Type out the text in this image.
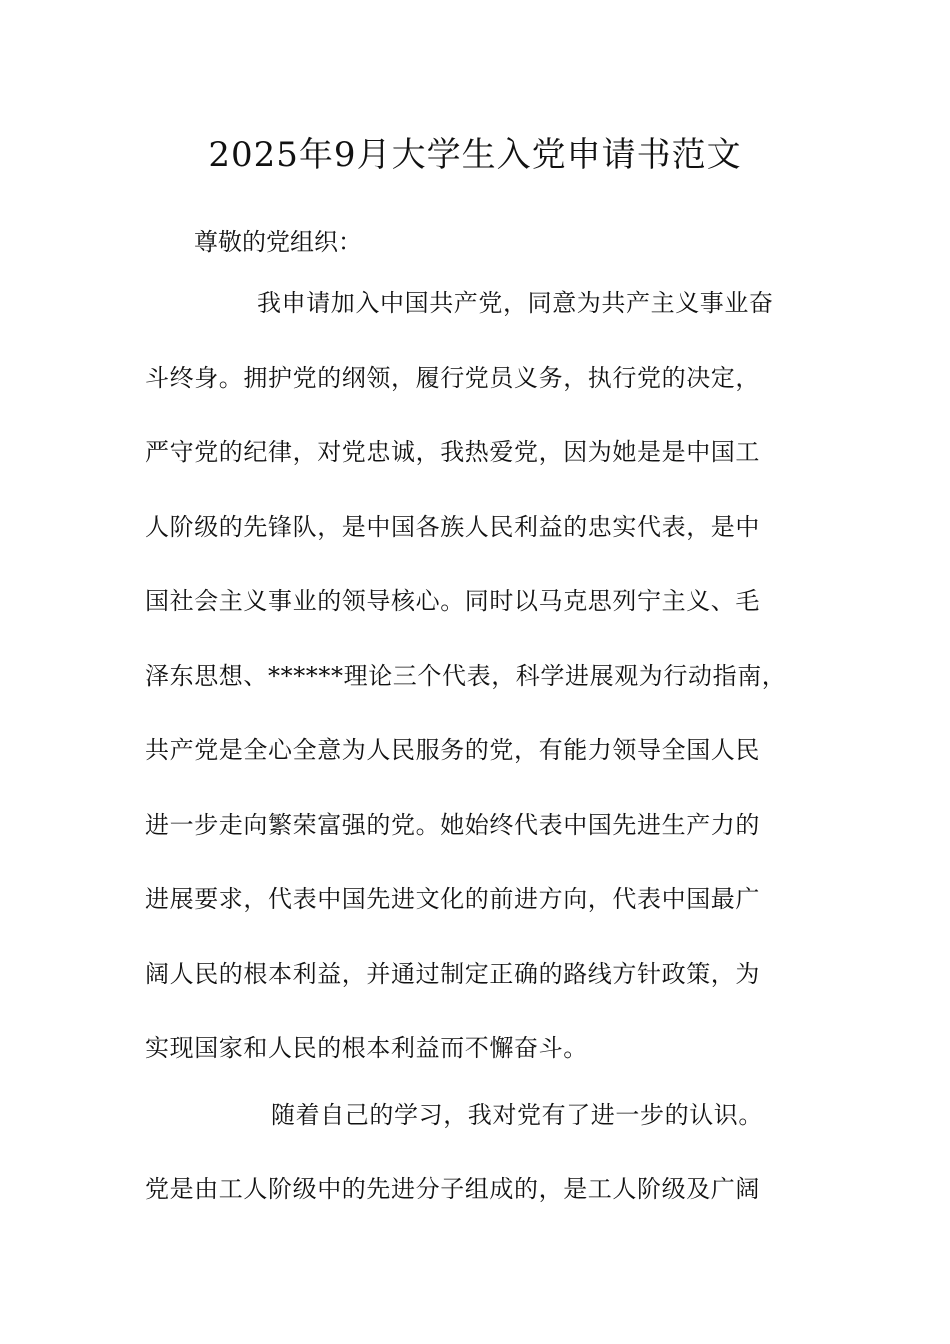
2025年9月大学生入党申请书范文
尊敬的党组织：
我申请加入中国共产党，同意为共产主义事业奋
斗终身。拥护党的纲领，履行党员义务，执行党的决定，
严守党的纪律，对党忠诚，我热爱党，因为她是是中国工
人阶级的先锋队，是中国各族人民利益的忠实代表，是中
国社会主义事业的领导核心。同时以马克思列宁主义、毛
泽东思想、******理论三个代表，科学进展观为行动指南，
共产党是全心全意为人民服务的党，有能力领导全国人民
进一步走向繁荣富强的党。她始终代表中国先进生产力的
进展要求，代表中国先进文化的前进方向，代表中国最广
阔人民的根本利益，并通过制定正确的路线方针政策，为
实现国家和人民的根本利益而不懈奋斗。
随着自己的学习，我对党有了进一步的认识。
党是由工人阶级中的先进分子组成的，是工人阶级及广阔
